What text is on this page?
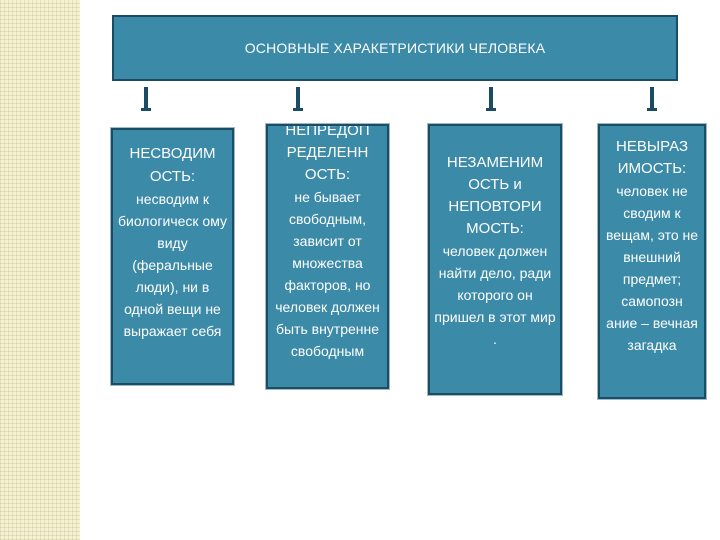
ОСНОВНЫЕ ХАРАКЕТРИСТИКИ ЧЕЛОВЕКА
НЕСВОДИМ ОСТЬ: несводим к биологическ ому виду (феральные люди), ни в одной вещи не выражает себя
НЕПРЕДОП РЕДЕЛЕНН ОСТЬ:
не бывает свободным, зависит от множества факторов, но человек должен быть внутренне свободным
НЕЗАМЕНИМ ОСТЬ и НЕПОВТОРИ МОСТЬ:
человек должен найти дело, ради которого он пришел в этот мир .
НЕВЫРАЗ ИМОСТЬ:
человек не сводим к вещам, это не внешний предмет; самопозн ание – вечная загадка
